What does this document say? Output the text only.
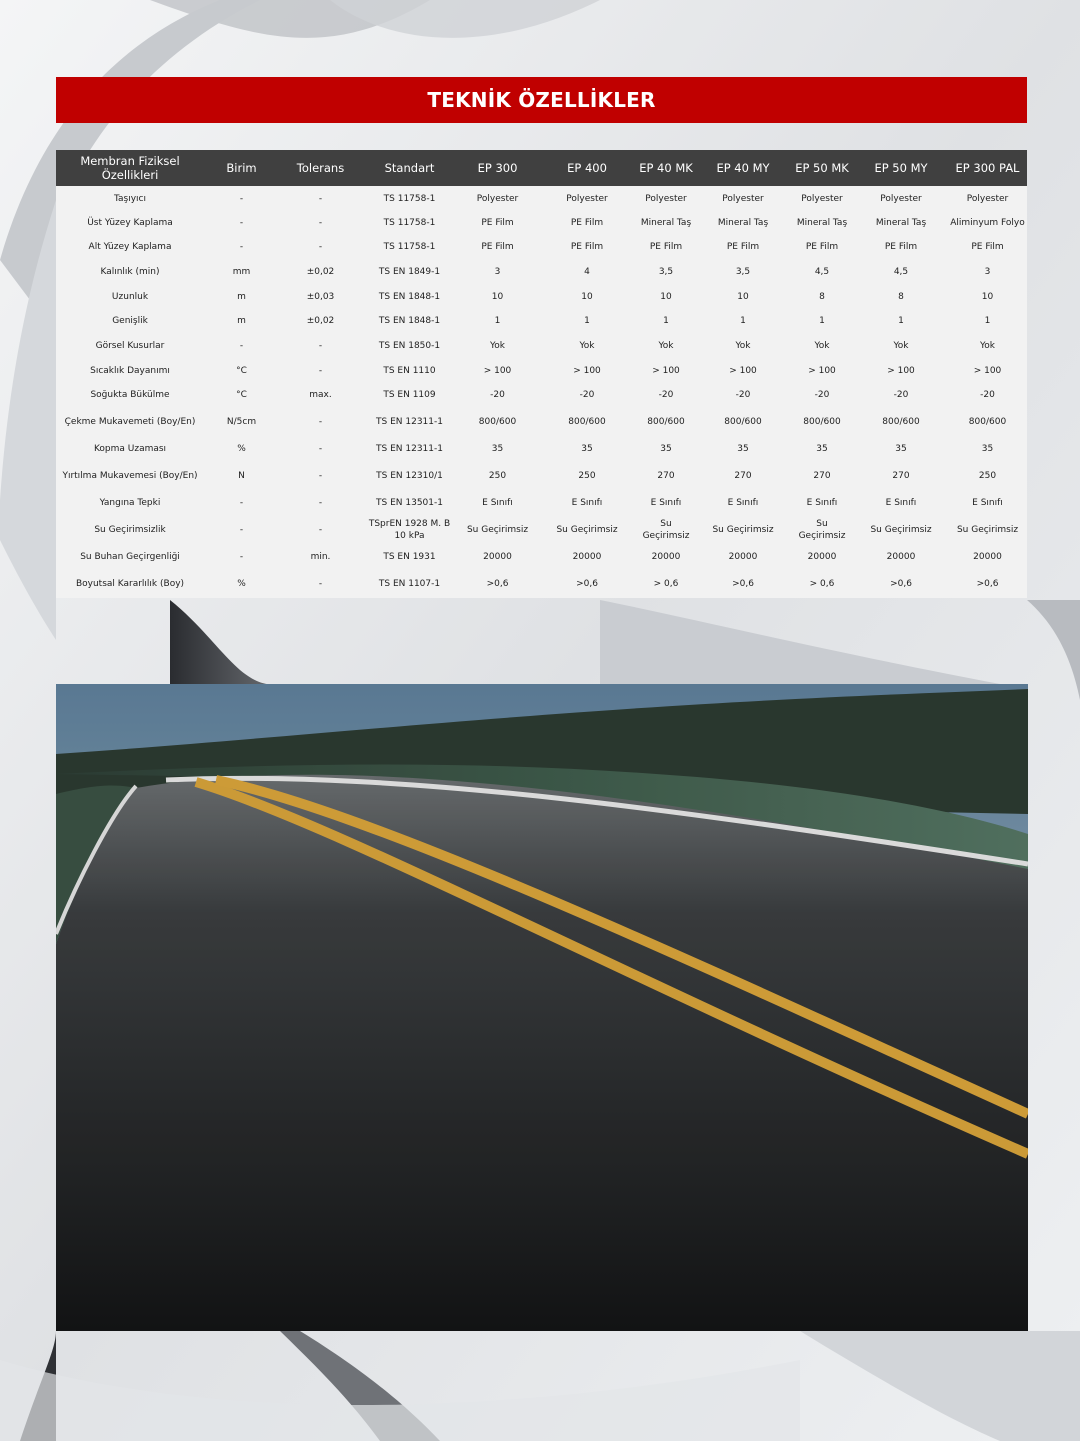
TEKNİK ÖZELLİKLER
Membran Fiziksel Özellikleri	Birim	Tolerans	Standart	EP 300	EP 400	EP 40 MK	EP 40 MY	EP 50 MK	EP 50 MY	EP 300 PAL
Taşıyıcı	-	-	TS 11758-1	Polyester	Polyester	Polyester	Polyester	Polyester	Polyester	Polyester
Üst Yüzey Kaplama	-	-	TS 11758-1	PE Film	PE Film	Mineral Taş	Mineral Taş	Mineral Taş	Mineral Taş	Aliminyum Folyo
Alt Yüzey Kaplama	-	-	TS 11758-1	PE Film	PE Film	PE Film	PE Film	PE Film	PE Film	PE Film
Kalınlık (min)	mm	±0,02	TS EN 1849-1	3	4	3,5	3,5	4,5	4,5	3
Uzunluk	m	±0,03	TS EN 1848-1	10	10	10	10	8	8	10
Genişlik	m	±0,02	TS EN 1848-1	1	1	1	1	1	1	1
Görsel Kusurlar	-	-	TS EN 1850-1	Yok	Yok	Yok	Yok	Yok	Yok	Yok
Sıcaklık Dayanımı	°C	-	TS EN 1110	> 100	> 100	> 100	> 100	> 100	> 100	> 100
Soğukta Bükülme	°C	max.	TS EN 1109	-20	-20	-20	-20	-20	-20	-20
Çekme Mukavemeti (Boy/En)	N/5cm	-	TS EN 12311-1	800/600	800/600	800/600	800/600	800/600	800/600	800/600
Kopma Uzaması	%	-	TS EN 12311-1	35	35	35	35	35	35	35
Yırtılma Mukavemesi (Boy/En)	N	-	TS EN 12310/1	250	250	270	270	270	270	250
Yangına Tepki	-	-	TS EN 13501-1	E Sınıfı	E Sınıfı	E Sınıfı	E Sınıfı	E Sınıfı	E Sınıfı	E Sınıfı
Su Geçirimsizlik	-	-	TSprEN 1928 M. B 10 kPa	Su Geçirimsiz	Su Geçirimsiz	Su Geçirimsiz	Su Geçirimsiz	Su Geçirimsiz	Su Geçirimsiz	Su Geçirimsiz
Su Buhan Geçirgenliği	-	min.	TS EN 1931	20000	20000	20000	20000	20000	20000	20000
Boyutsal Kararlılık (Boy)	%	-	TS EN 1107-1	>0,6	>0,6	> 0,6	>0,6	> 0,6	>0,6	>0,6
